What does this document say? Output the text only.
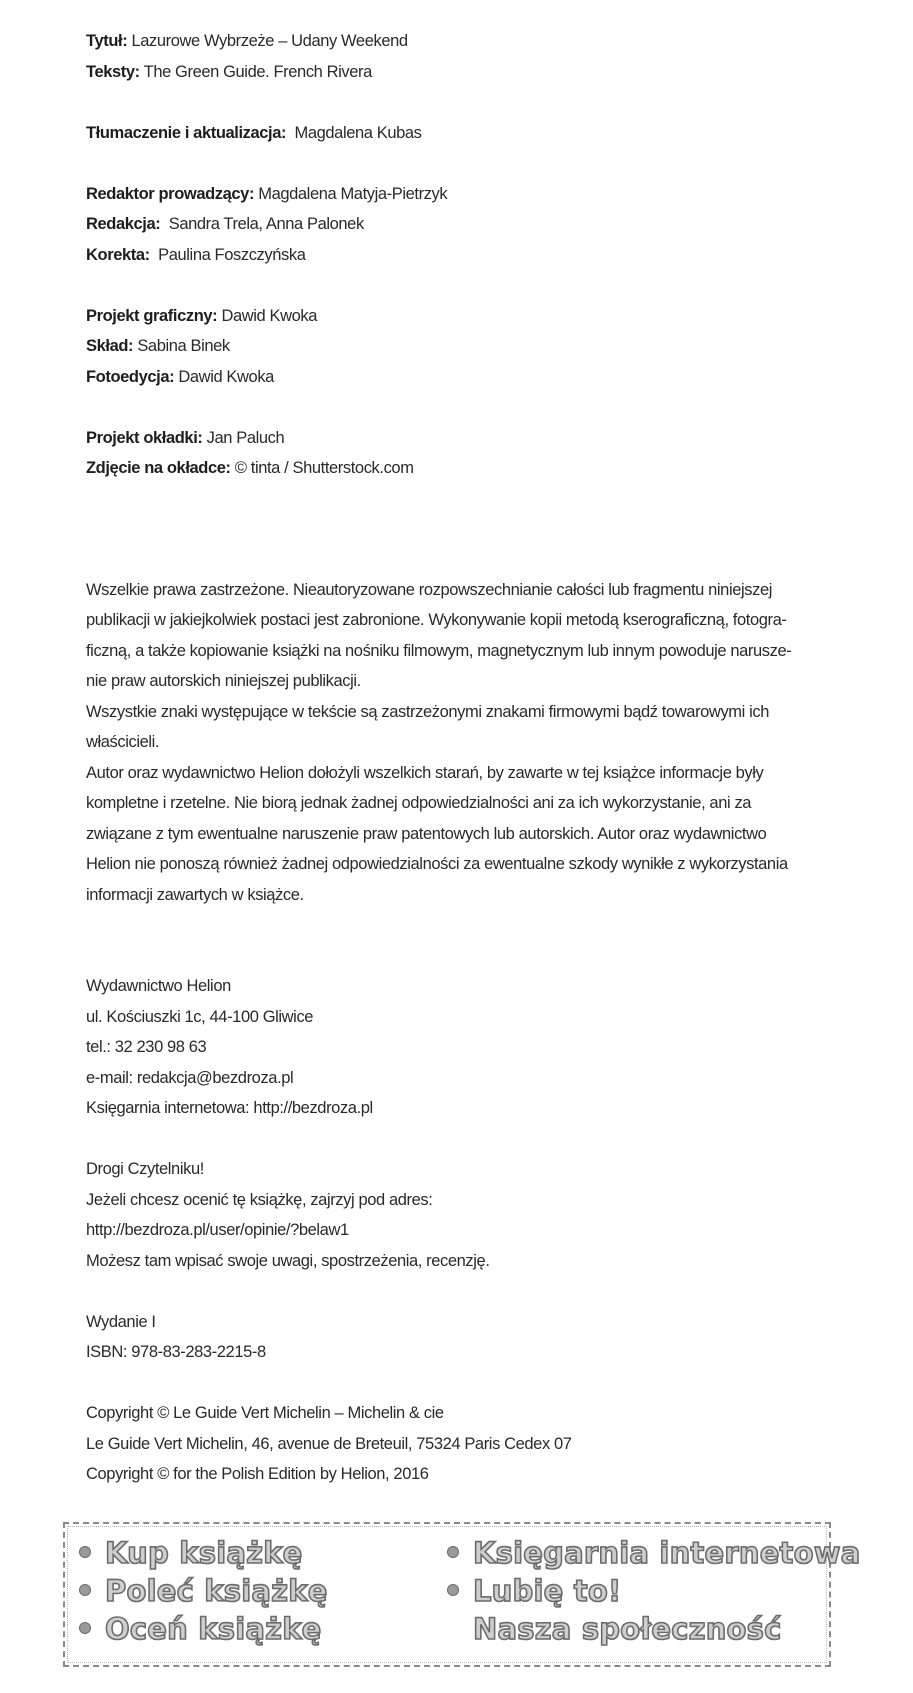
Tytuł: Lazurowe Wybrzeże – Udany Weekend
Teksty: The Green Guide. French Rivera
Tłumaczenie i aktualizacja: Magdalena Kubas
Redaktor prowadzący: Magdalena Matyja-Pietrzyk
Redakcja: Sandra Trela, Anna Palonek
Korekta: Paulina Foszczyńska
Projekt graficzny: Dawid Kwoka
Skład: Sabina Binek
Fotoedycja: Dawid Kwoka
Projekt okładki: Jan Paluch
Zdjęcie na okładce: © tinta / Shutterstock.com

Wszelkie prawa zastrzeżone. Nieautoryzowane rozpowszechnianie całości lub fragmentu niniejszej

publikacji w jakiejkolwiek postaci jest zabronione. Wykonywanie kopii metodą kserograficzną, fotogra-

ficzną, a także kopiowanie książki na nośniku filmowym, magnetycznym lub innym powoduje narusze-

nie praw autorskich niniejszej publikacji.

Wszystkie znaki występujące w tekście są zastrzeżonymi znakami firmowymi bądź towarowymi ich

właścicieli.

Autor oraz wydawnictwo Helion dołożyli wszelkich starań, by zawarte w tej książce informacje były

kompletne i rzetelne. Nie biorą jednak żadnej odpowiedzialności ani za ich wykorzystanie, ani za

związane z tym ewentualne naruszenie praw patentowych lub autorskich. Autor oraz wydawnictwo

Helion nie ponoszą również żadnej odpowiedzialności za ewentualne szkody wynikłe z wykorzystania

informacji zawartych w książce.

Wydawnictwo Helion
ul. Kościuszki 1c, 44-100 Gliwice
tel.: 32 230 98 63
e-mail: redakcja@bezdroza.pl
Księgarnia internetowa: http://bezdroza.pl
Drogi Czytelniku!
Jeżeli chcesz ocenić tę książkę, zajrzyj pod adres:
http://bezdroza.pl/user/opinie/?belaw1
Możesz tam wpisać swoje uwagi, spostrzeżenia, recenzję.
Wydanie I
ISBN: 978-83-283-2215-8
Copyright © Le Guide Vert Michelin – Michelin & cie
Le Guide Vert Michelin, 46, avenue de Breteuil, 75324 Paris Cedex 07
Copyright © for the Polish Edition by Helion, 2016
Kup książkę
Poleć książkę
Oceń książkę
Księgarnia internetowa
Lubię to!
Nasza społeczność
